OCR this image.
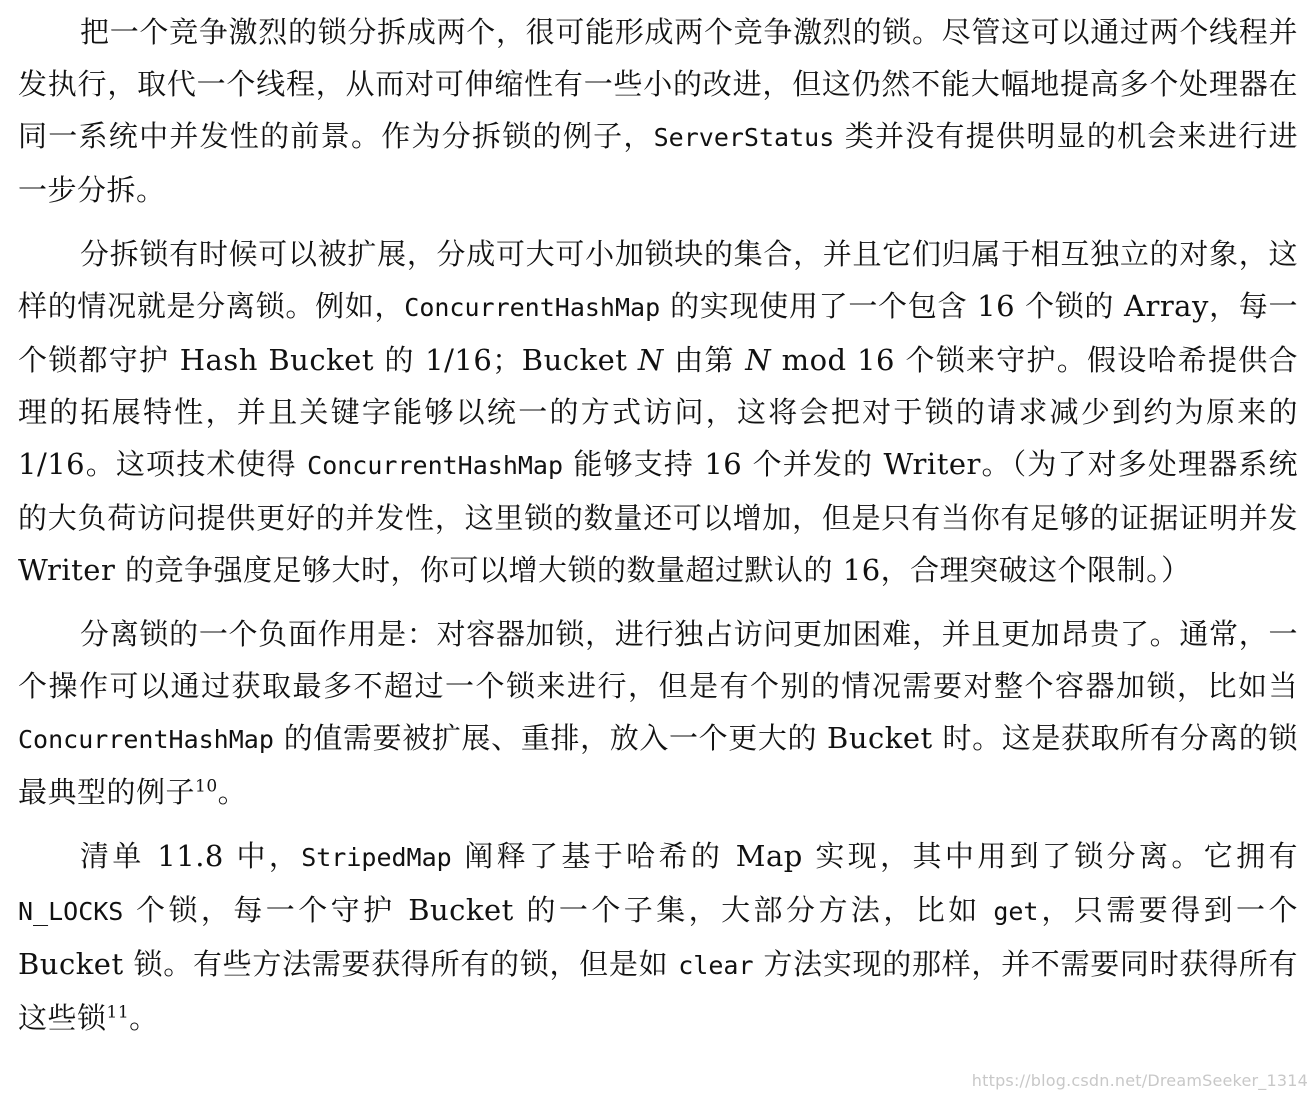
把一个竞争激烈的锁分拆成两个，很可能形成两个竞争激烈的锁。尽管这可以通过两个线程并发执行，取代一个线程，从而对可伸缩性有一些小的改进，但这仍然不能大幅地提高多个处理器在同一系统中并发性的前景。作为分拆锁的例子，ServerStatus 类并没有提供明显的机会来进行进一步分拆。

分拆锁有时候可以被扩展，分成可大可小加锁块的集合，并且它们归属于相互独立的对象，这样的情况就是分离锁。例如，ConcurrentHashMap 的实现使用了一个包含 16 个锁的 Array，每一个锁都守护 Hash Bucket 的 1/16；Bucket N 由第 N mod 16 个锁来守护。假设哈希提供合理的拓展特性，并且关键字能够以统一的方式访问，这将会把对于锁的请求减少到约为原来的 1/16。这项技术使得 ConcurrentHashMap 能够支持 16 个并发的 Writer。（为了对多处理器系统的大负荷访问提供更好的并发性，这里锁的数量还可以增加，但是只有当你有足够的证据证明并发 Writer 的竞争强度足够大时，你可以增大锁的数量超过默认的 16，合理突破这个限制。）

分离锁的一个负面作用是：对容器加锁，进行独占访问更加困难，并且更加昂贵了。通常，一个操作可以通过获取最多不超过一个锁来进行，但是有个别的情况需要对整个容器加锁，比如当 ConcurrentHashMap 的值需要被扩展、重排，放入一个更大的 Bucket 时。这是获取所有分离的锁最典型的例子$^{10}$。

清单 11.8 中，StripedMap 阐释了基于哈希的 Map 实现，其中用到了锁分离。它拥有 N_LOCKS 个锁，每一个守护 Bucket 的一个子集，大部分方法，比如 get，只需要得到一个 Bucket 锁。有些方法需要获得所有的锁，但是如 clear 方法实现的那样，并不需要同时获得所有这些锁$^{11}$。

https://blog.csdn.net/DreamSeeker_1314
